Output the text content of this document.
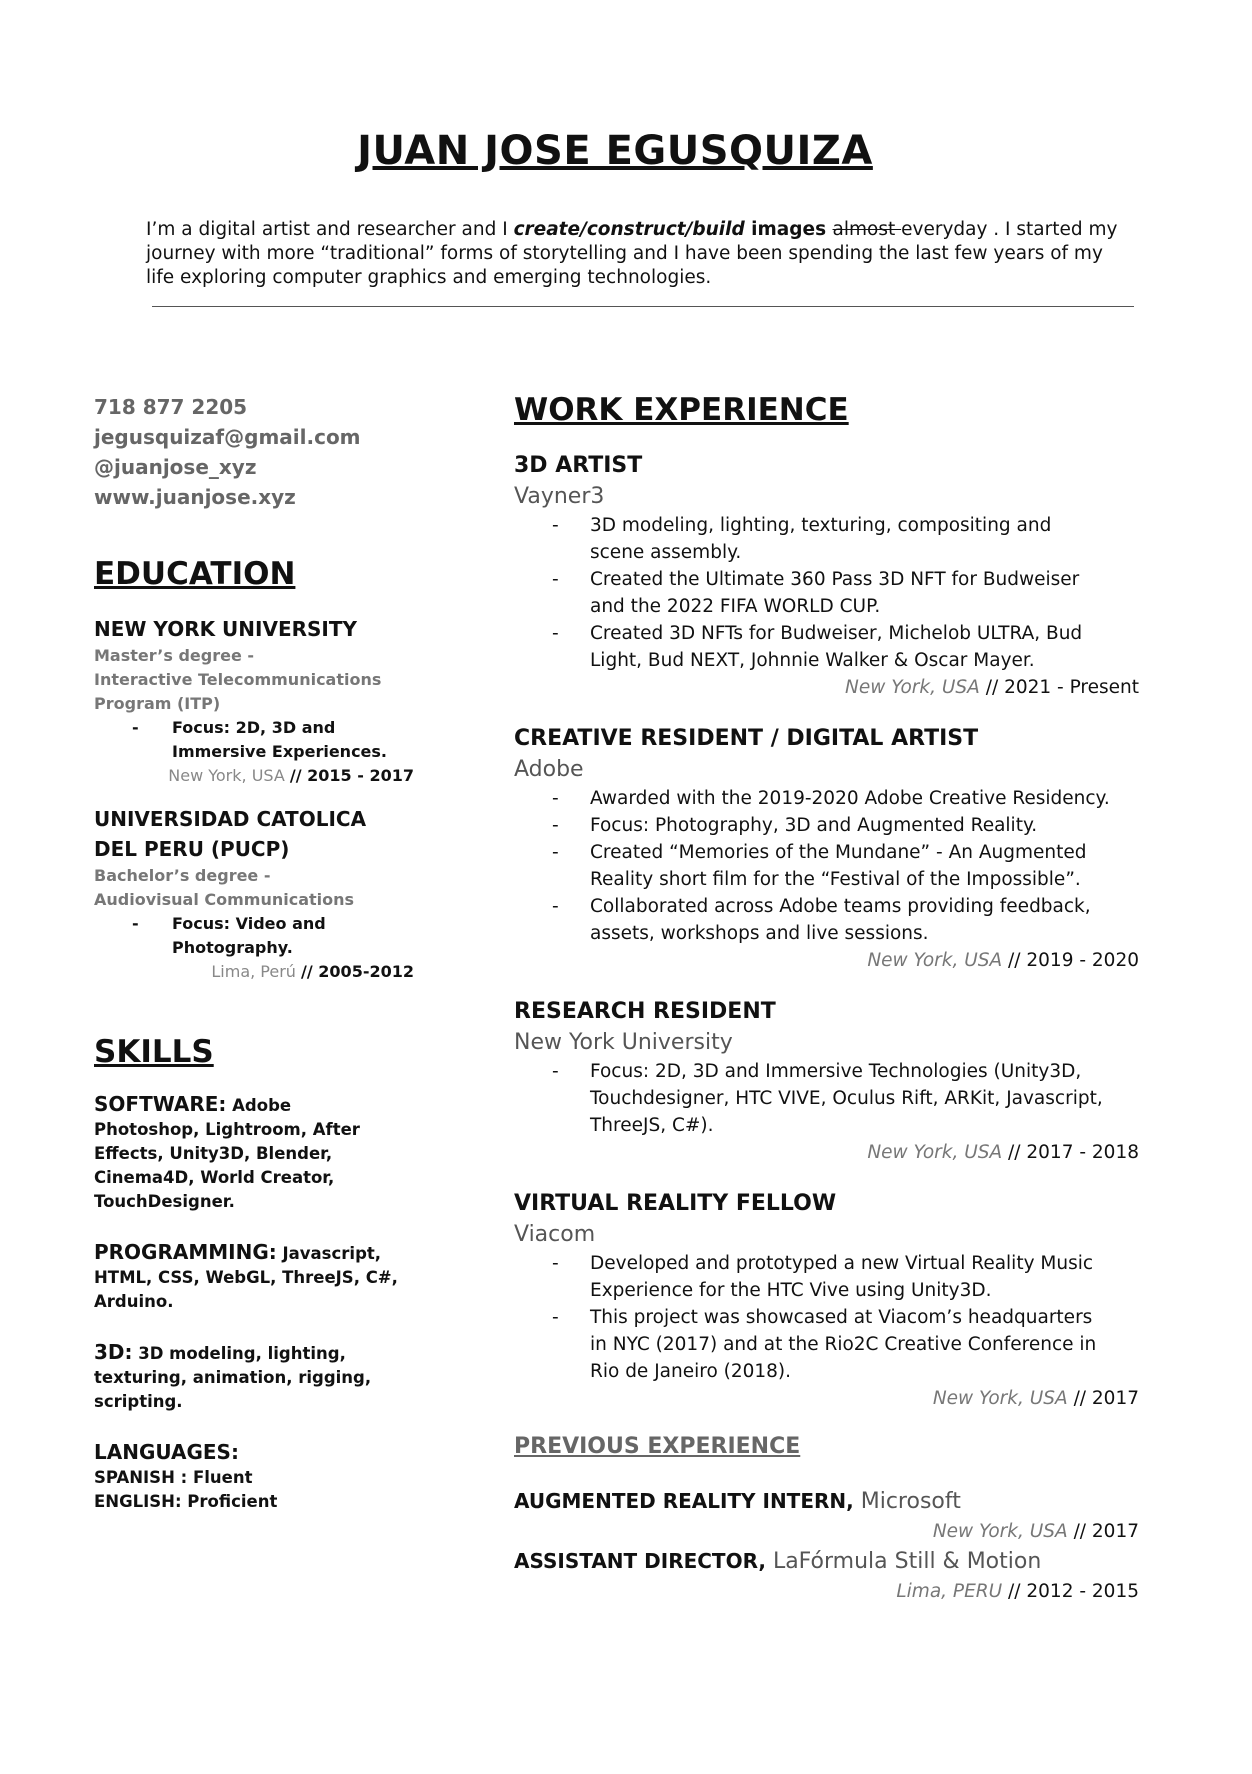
JUAN JOSE EGUSQUIZA
I’m a digital artist and researcher and I create/construct/build images almost everyday . I started my journey with more “traditional” forms of storytelling and I have been spending the last few years of my life exploring computer graphics and emerging technologies.
718 877 2205
jegusquizaf@gmail.com
@juanjose_xyz
www.juanjose.xyz
EDUCATION
NEW YORK UNIVERSITY
Master’s degree -
Interactive Telecommunications
Program (ITP)
- Focus: 2D, 3D and
Immersive Experiences.
New York, USA // 2015 - 2017
UNIVERSIDAD CATOLICA
DEL PERU (PUCP)
Bachelor’s degree -
Audiovisual Communications
- Focus: Video and
Photography.
Lima, Perú // 2005-2012
SKILLS
SOFTWARE: Adobe
Photoshop, Lightroom, After
Effects, Unity3D, Blender,
Cinema4D, World Creator,
TouchDesigner.
PROGRAMMING: Javascript,
HTML, CSS, WebGL, ThreeJS, C#,
Arduino.
3D: 3D modeling, lighting,
texturing, animation, rigging,
scripting.
LANGUAGES:
SPANISH : Fluent
ENGLISH: Proficient
WORK EXPERIENCE
3D ARTIST
Vayner3
- 3D modeling, lighting, texturing, compositing and
scene assembly.
- Created the Ultimate 360 Pass 3D NFT for Budweiser
and the 2022 FIFA WORLD CUP.
- Created 3D NFTs for Budweiser, Michelob ULTRA, Bud
Light, Bud NEXT, Johnnie Walker & Oscar Mayer.
New York, USA // 2021 - Present
CREATIVE RESIDENT / DIGITAL ARTIST
Adobe
- Awarded with the 2019-2020 Adobe Creative Residency.
- Focus: Photography, 3D and Augmented Reality.
- Created “Memories of the Mundane” - An Augmented
Reality short film for the “Festival of the Impossible”.
- Collaborated across Adobe teams providing feedback,
assets, workshops and live sessions.
New York, USA // 2019 - 2020
RESEARCH RESIDENT
New York University
- Focus: 2D, 3D and Immersive Technologies (Unity3D,
Touchdesigner, HTC VIVE, Oculus Rift, ARKit, Javascript,
ThreeJS, C#).
New York, USA // 2017 - 2018
VIRTUAL REALITY FELLOW
Viacom
- Developed and prototyped a new Virtual Reality Music
Experience for the HTC Vive using Unity3D.
- This project was showcased at Viacom’s headquarters
in NYC (2017) and at the Rio2C Creative Conference in
Rio de Janeiro (2018).
New York, USA // 2017
PREVIOUS EXPERIENCE
AUGMENTED REALITY INTERN, Microsoft
New York, USA // 2017
ASSISTANT DIRECTOR, LaFórmula Still & Motion
Lima, PERU // 2012 - 2015
